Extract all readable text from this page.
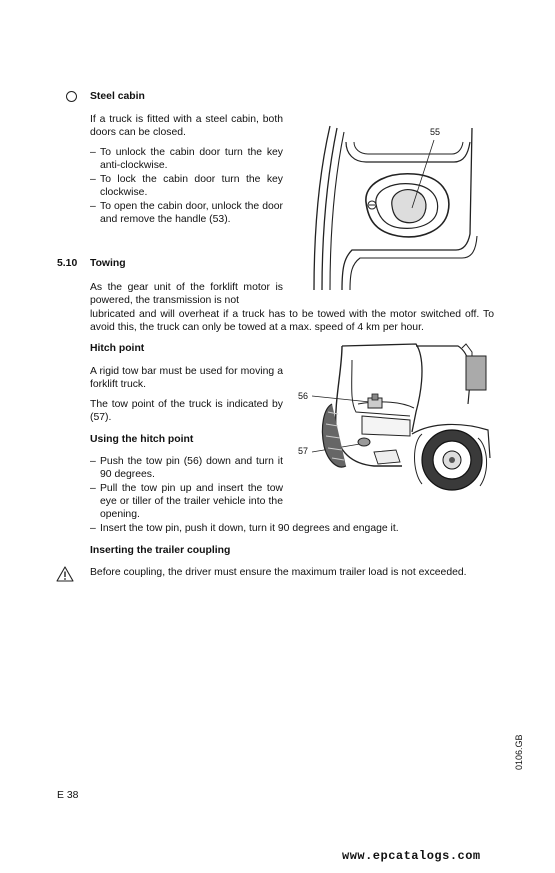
Steel cabin
If a truck is fitted with a steel cabin, both doors can be closed.
– To unlock the cabin door turn the key anti-clockwise.
– To lock the cabin door turn the key clockwise.
– To open the cabin door, unlock the door and remove the handle (53).
55
5.10 Towing
As the gear unit of the forklift motor is powered, the transmission is not
lubricated and will overheat if a truck has to be towed with the motor switched off. To avoid this, the truck can only be towed at a max. speed of 4 km per hour.
Hitch point
A rigid tow bar must be used for moving a forklift truck.
The tow point of the truck is indicated by (57).
Using the hitch point
– Push the tow pin (56) down and turn it 90 degrees.
– Pull the tow pin up and insert the tow eye or tiller of the trailer vehicle into the opening.
– Insert the tow pin, push it down, turn it 90 degrees and engage it.
56
57
Inserting the trailer coupling
Before coupling, the driver must ensure the maximum trailer load is not exceeded.
0106.GB
E 38
www.epcatalogs.com
